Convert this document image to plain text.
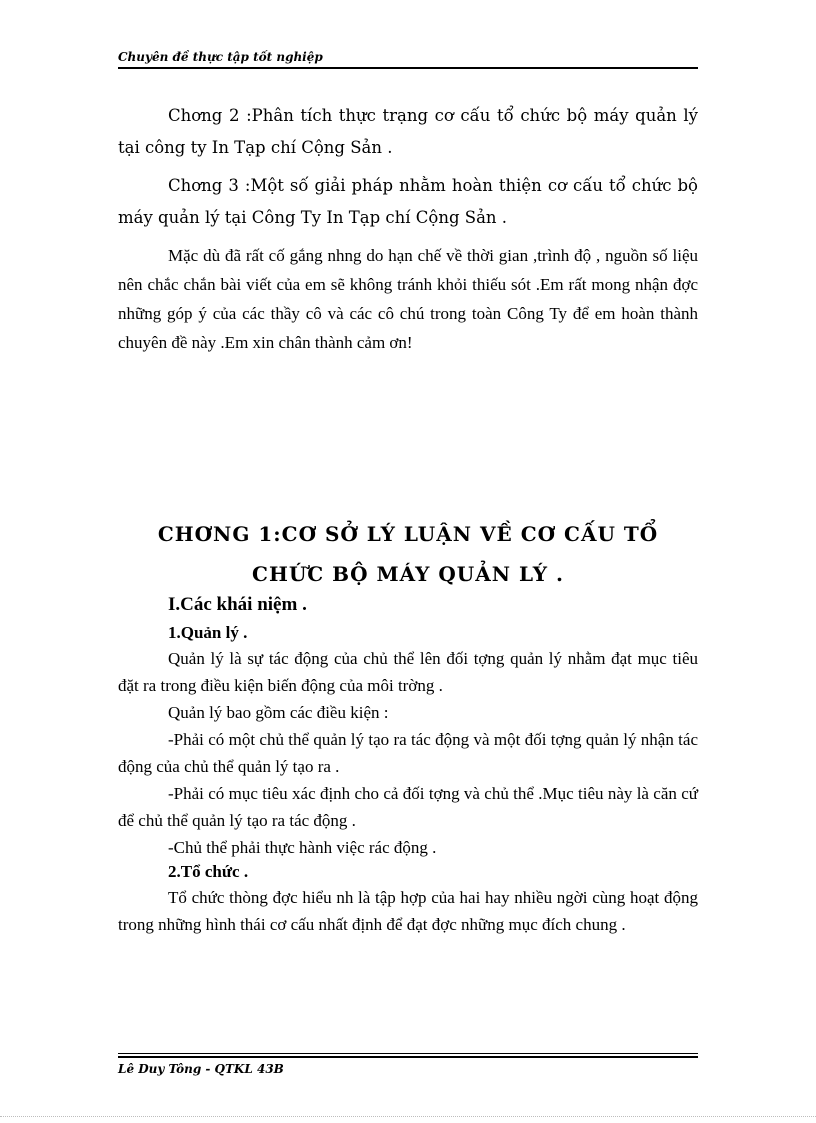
Chuyên đề thực tập tốt nghiệp

Chơng 2 :Phân tích thực trạng cơ cấu tổ chức bộ máy quản lý tại công ty In Tạp chí Cộng Sản .

Chơng 3 :Một số giải pháp nhằm hoàn thiện cơ cấu tổ chức bộ máy quản lý tại Công Ty In Tạp chí Cộng Sản .

Mặc dù đã rất cố gắng nhng do hạn chế về thời gian ,trình độ , nguồn số liệu nên chắc chắn bài viết của em sẽ không tránh khỏi thiếu sót .Em rất mong nhận đợc những góp ý của các thầy cô và các cô chú trong toàn Công Ty để em hoàn thành chuyên đề này .Em xin chân thành cảm ơn!

CHƠNG 1:CƠ SỞ LÝ LUẬN VỀ CƠ CẤU TỔ
CHỨC BỘ MÁY QUẢN LÝ .
I.Các khái niệm .
1.Quản lý .

Quản lý là sự tác động của chủ thể lên đối tợng quản lý nhằm đạt mục tiêu đặt ra trong điều kiện biến động của môi trờng .

Quản lý bao gồm các điều kiện :

-Phải có một chủ thể quản lý tạo ra tác động và một đối tợng quản lý nhận tác động của chủ thể quản lý tạo ra .

-Phải có mục tiêu xác định cho cả đối tợng và chủ thể .Mục tiêu này là căn cứ để chủ thể quản lý tạo ra tác động .

-Chủ thể phải thực hành việc rác động .

2.Tổ chức .

Tổ chức thòng đợc hiểu nh là tập hợp của hai hay nhiều ngời cùng hoạt động trong những hình thái cơ cấu nhất định để đạt đợc những mục đích chung .

Lê Duy Tông - QTKL 43B
